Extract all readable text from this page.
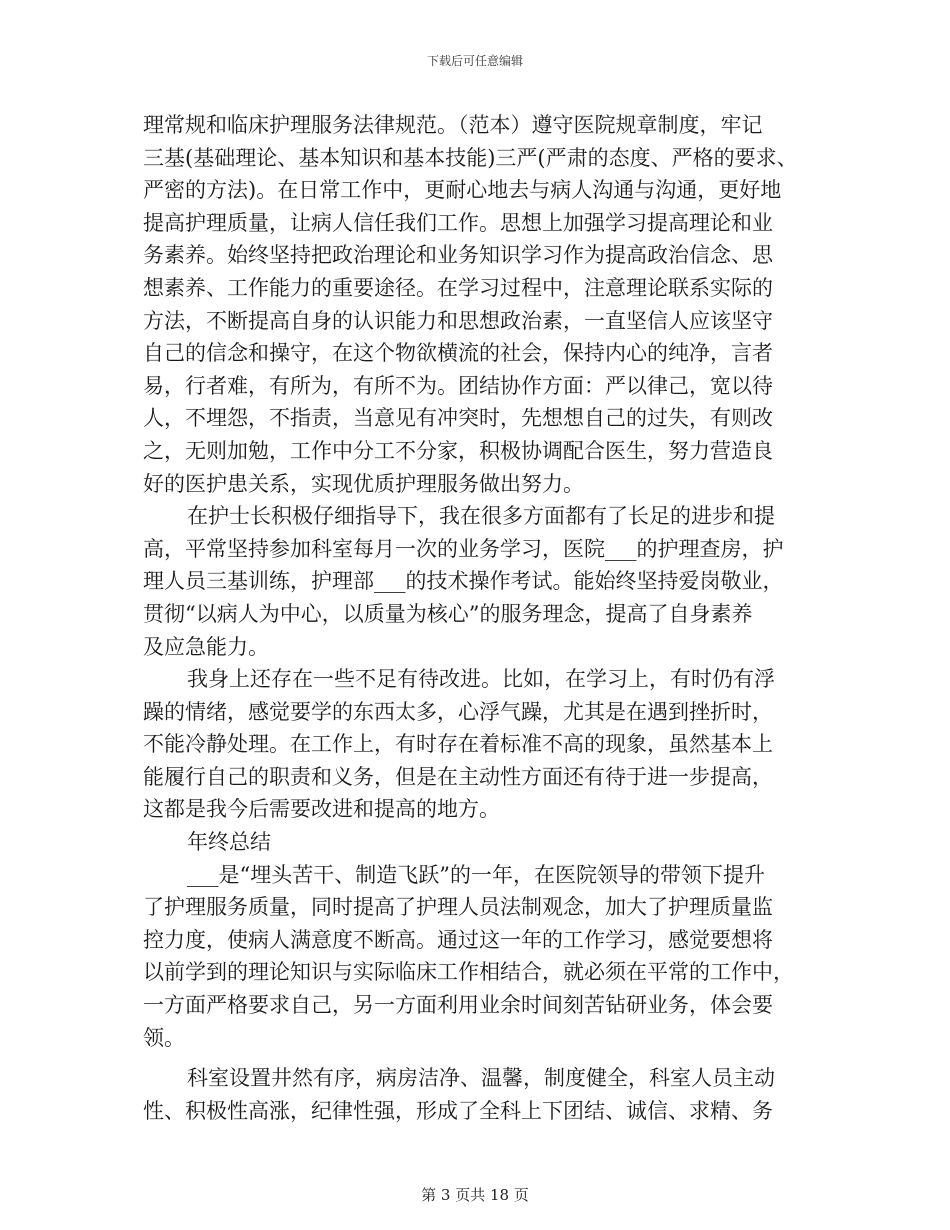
下载后可任意编辑
理常规和临床护理服务法律规范。（范本）遵守医院规章制度，牢记
三基(基础理论、基本知识和基本技能)三严(严肃的态度、严格的要求、
严密的方法)。在日常工作中，更耐心地去与病人沟通与沟通，更好地
提高护理质量，让病人信任我们工作。思想上加强学习提高理论和业
务素养。始终坚持把政治理论和业务知识学习作为提高政治信念、思
想素养、工作能力的重要途径。在学习过程中，注意理论联系实际的
方法，不断提高自身的认识能力和思想政治素，一直坚信人应该坚守
自己的信念和操守，在这个物欲横流的社会，保持内心的纯净，言者
易，行者难，有所为，有所不为。团结协作方面：严以律己，宽以待
人，不埋怨，不指责，当意见有冲突时，先想想自己的过失，有则改
之，无则加勉，工作中分工不分家，积极协调配合医生，努力营造良
好的医护患关系，实现优质护理服务做出努力。
在护士长积极仔细指导下，我在很多方面都有了长足的进步和提
高，平常坚持参加科室每月一次的业务学习，医院___的护理查房，护
理人员三基训练，护理部___的技术操作考试。能始终坚持爱岗敬业，
贯彻“以病人为中心，以质量为核心”的服务理念，提高了自身素养
及应急能力。
我身上还存在一些不足有待改进。比如，在学习上，有时仍有浮
躁的情绪，感觉要学的东西太多，心浮气躁，尤其是在遇到挫折时，
不能冷静处理。在工作上，有时存在着标准不高的现象，虽然基本上
能履行自己的职责和义务，但是在主动性方面还有待于进一步提高，
这都是我今后需要改进和提高的地方。
年终总结
___是“埋头苦干、制造飞跃”的一年，在医院领导的带领下提升
了护理服务质量，同时提高了护理人员法制观念，加大了护理质量监
控力度，使病人满意度不断高。通过这一年的工作学习，感觉要想将
以前学到的理论知识与实际临床工作相结合，就必须在平常的工作中，
一方面严格要求自己，另一方面利用业余时间刻苦钻研业务，体会要
领。
科室设置井然有序，病房洁净、温馨，制度健全，科室人员主动
性、积极性高涨，纪律性强，形成了全科上下团结、诚信、求精、务
第 3 页共 18 页
